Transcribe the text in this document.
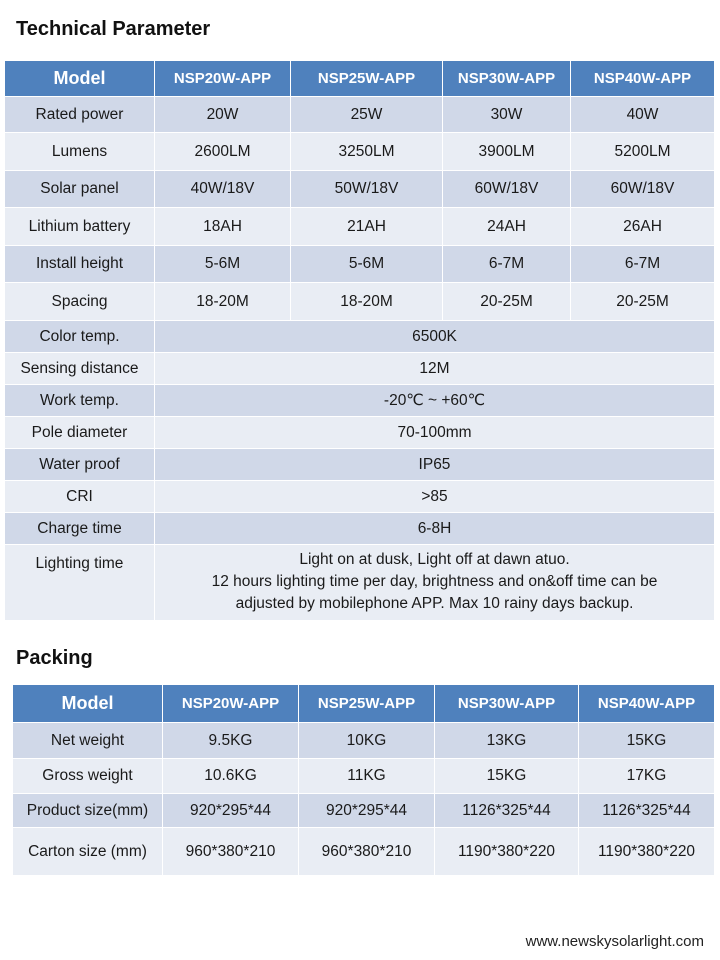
Technical Parameter
Model	NSP20W-APP	NSP25W-APP	NSP30W-APP	NSP40W-APP
Rated power	20W	25W	30W	40W
Lumens	2600LM	3250LM	3900LM	5200LM
Solar panel	40W/18V	50W/18V	60W/18V	60W/18V
Lithium battery	18AH	21AH	24AH	26AH
Install height	5-6M	5-6M	6-7M	6-7M
Spacing	18-20M	18-20M	20-25M	20-25M
Color temp.	6500K			
Sensing distance	12M			
Work temp.	-20℃ ~ +60℃			
Pole diameter	70-100mm			
Water proof	IP65			
CRI	>85			
Charge time	6-8H			
Lighting time	Light on at dusk, Light off at dawn atuo.
12 hours lighting time per day, brightness and on&off time can be
adjusted by mobilephone APP. Max 10 rainy days backup.			
Packing
Model	NSP20W-APP	NSP25W-APP	NSP30W-APP	NSP40W-APP
Net weight	9.5KG	10KG	13KG	15KG
Gross weight	10.6KG	11KG	15KG	17KG
Product size(mm)	920*295*44	920*295*44	1126*325*44	1126*325*44
Carton size (mm)	960*380*210	960*380*210	1190*380*220	1190*380*220
www.newskysolarlight.com
